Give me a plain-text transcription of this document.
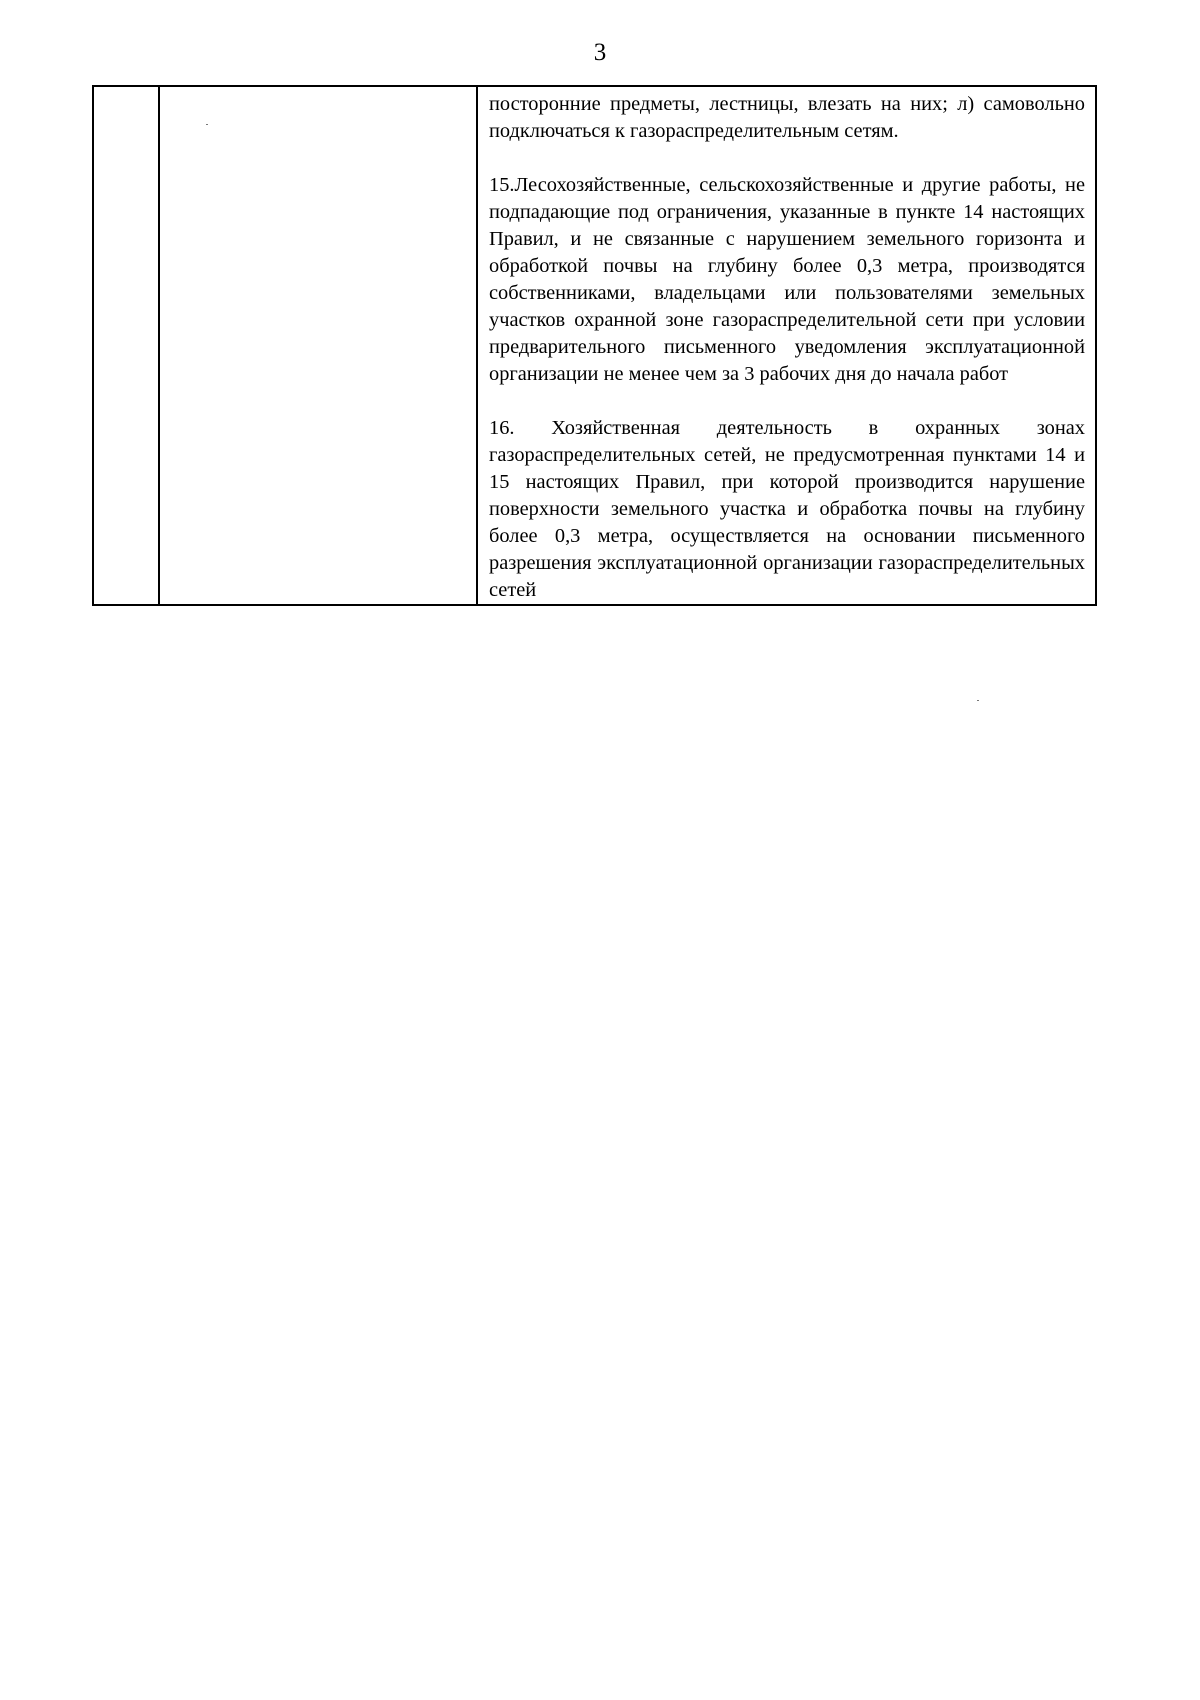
3

посторонние предметы, лестницы, влезать на них; л) самовольно подключаться к газораспределительным сетям.

15.Лесохозяйственные, сельскохозяйственные и другие работы, не подпадающие под ограничения, указанные в пункте 14 настоящих Правил, и не связанные с нарушением земельного горизонта и обработкой почвы на глубину более 0,3 метра, производятся собственниками, владельцами или пользователями земельных участков охранной зоне газораспределительной сети при условии предварительного письменного уведомления эксплуатационной организации не менее чем за 3 рабочих дня до начала работ

16. Хозяйственная деятельность в охранных зонах газораспределительных сетей, не предусмотренная пунктами 14 и 15 настоящих Правил, при которой производится нарушение поверхности земельного участка и обработка почвы на глубину более 0,3 метра, осуществляется на основании письменного разрешения эксплуатационной организации газораспределительных сетей
